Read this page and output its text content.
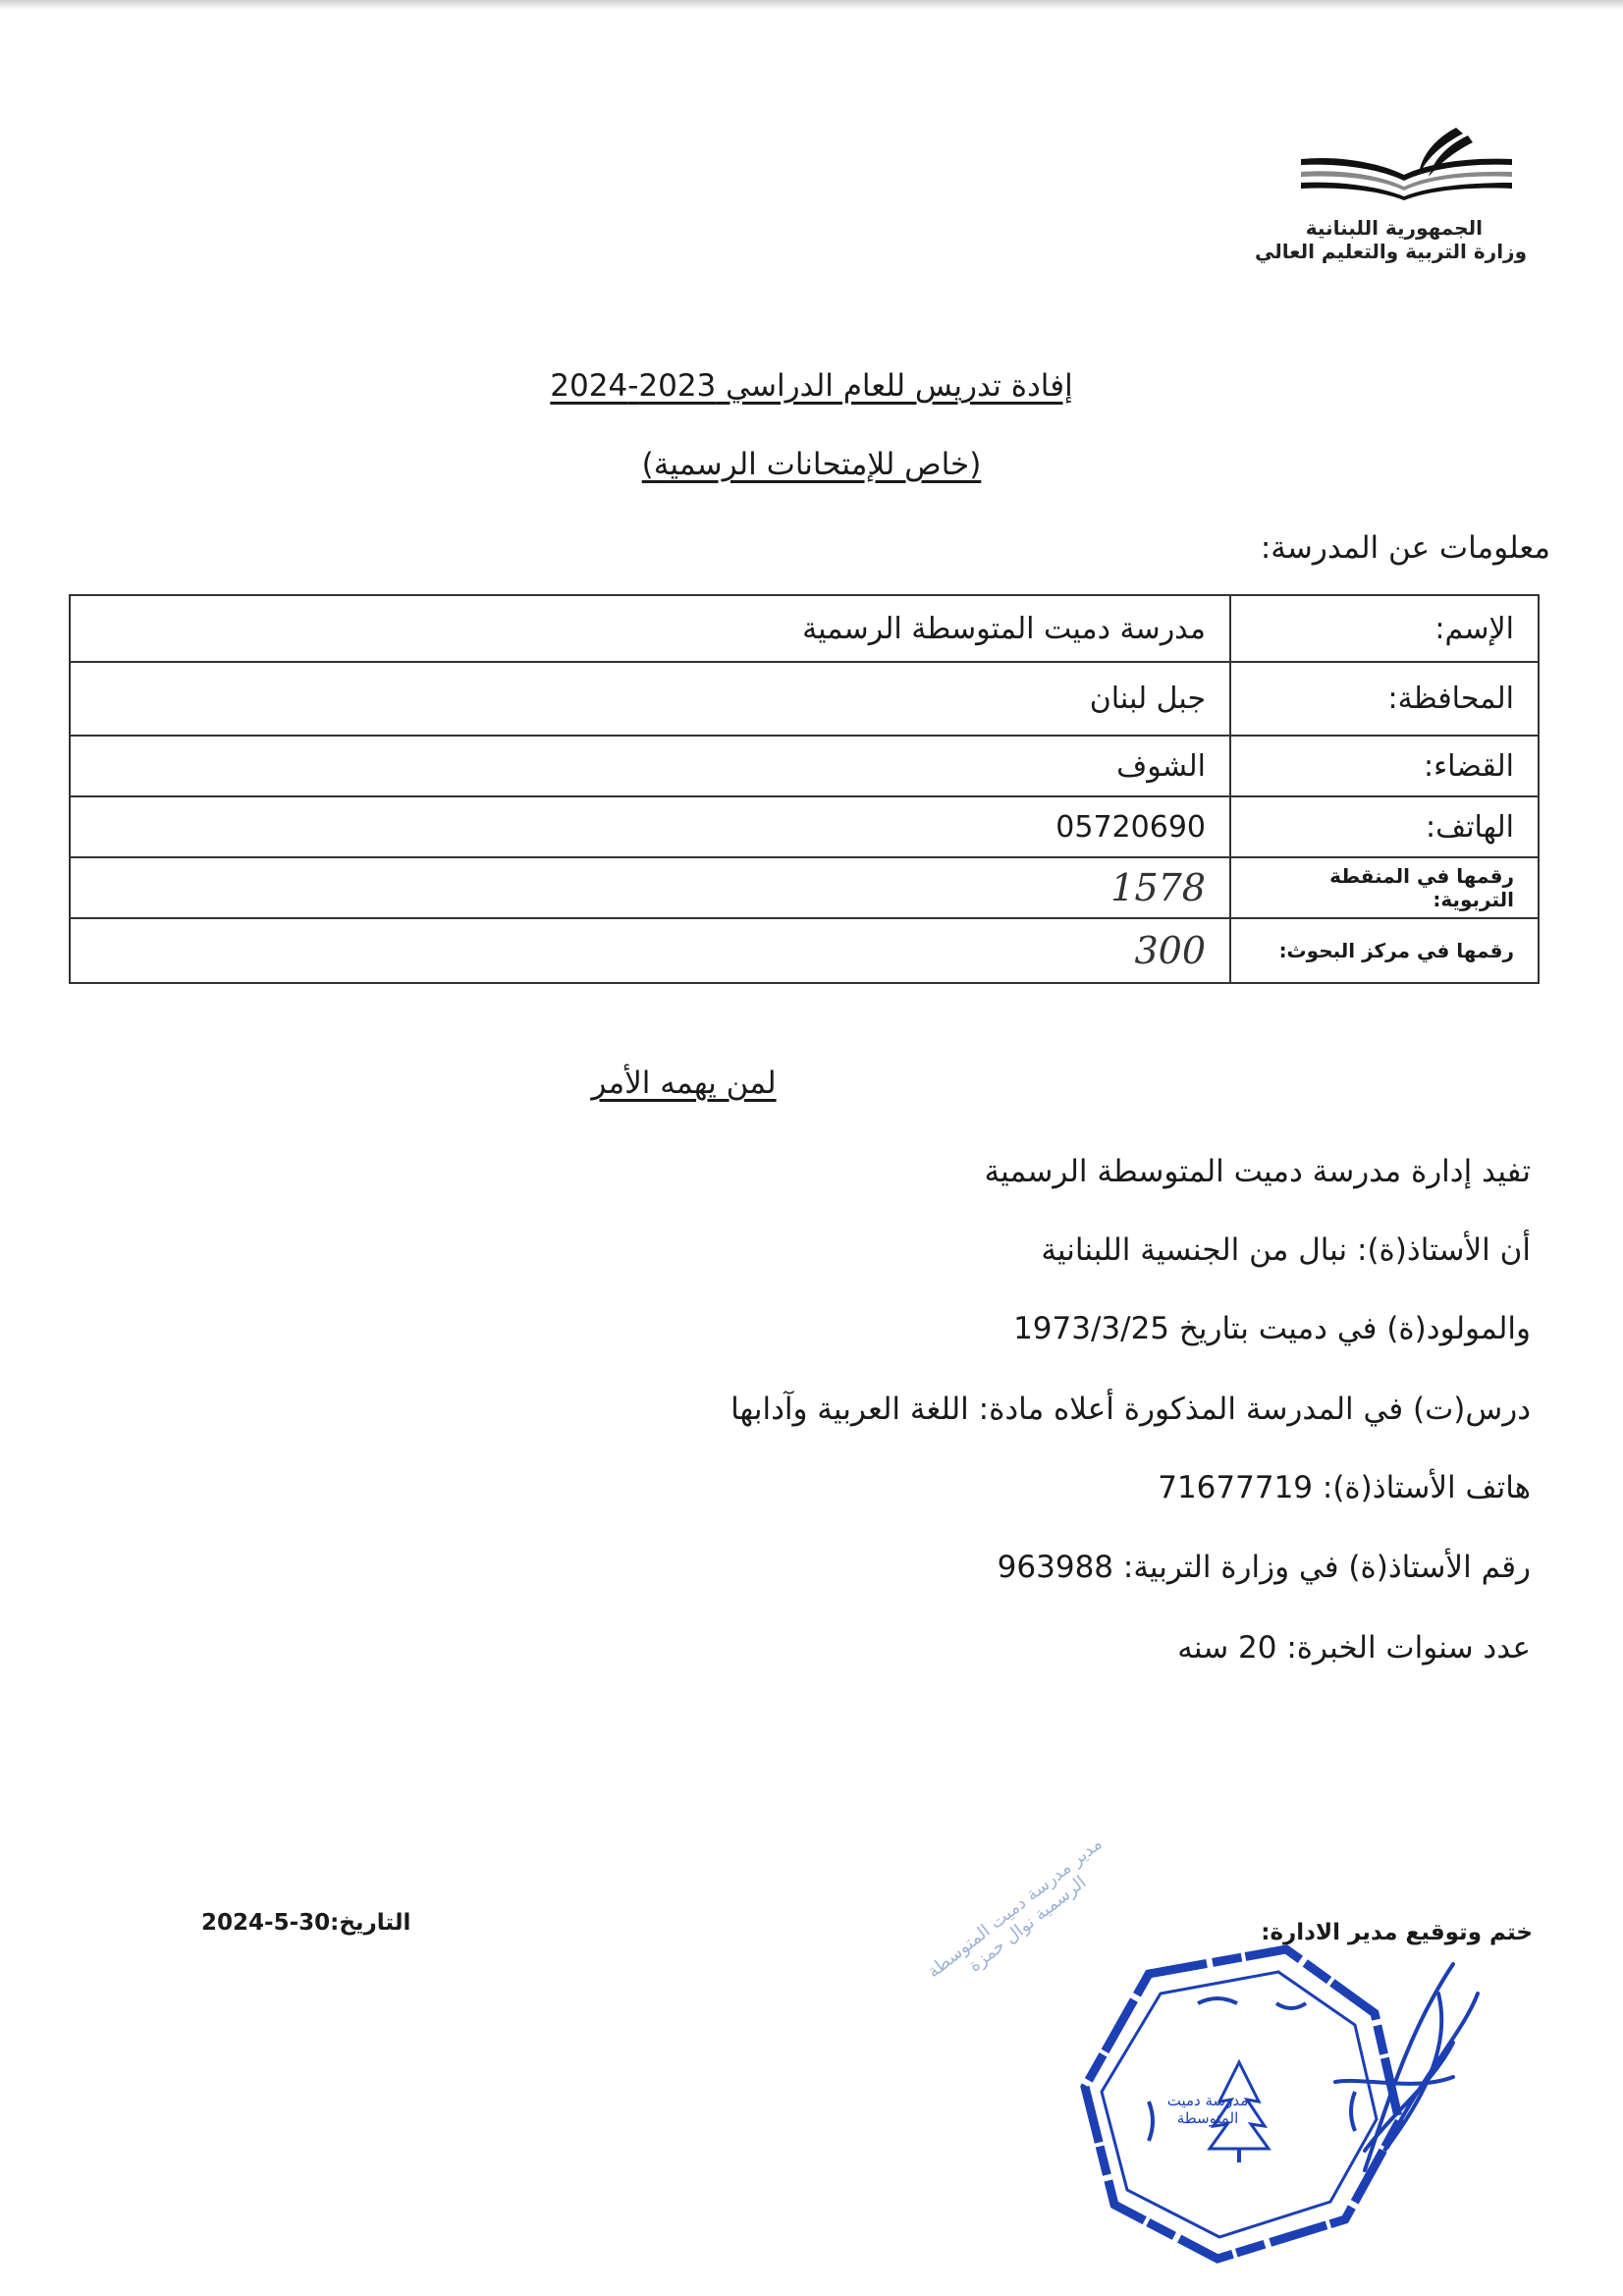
الجمهورية اللبنانية
وزارة التربية والتعليم العالي
إفادة تدريس للعام الدراسي 2023-2024
(خاص للإمتحانات الرسمية)
معلومات عن المدرسة:
الإسم:	مدرسة دميت المتوسطة الرسمية
المحافظة:	جبل لبنان
القضاء:	الشوف
الهاتف:	05720690
رقمها في المنقطة التربوية:	1578
رقمها في مركز البحوث:	300
لمن يهمه الأمر
تفيد إدارة مدرسة دميت المتوسطة الرسمية
أن الأستاذ(ة): نبال من الجنسية اللبنانية
والمولود(ة) في دميت بتاريخ 1973/3/25
درس(ت) في المدرسة المذكورة أعلاه مادة: اللغة العربية وآدابها
هاتف الأستاذ(ة): 71677719
رقم الأستاذ(ة) في وزارة التربية: 963988
عدد سنوات الخبرة: 20 سنه
ختم وتوقيع مدير الادارة:
التاريخ:30-5-2024	مدير مدرسة دميت المتوسطة الرسمية نوال حمزة
مدرسة دميت المتوسطة
